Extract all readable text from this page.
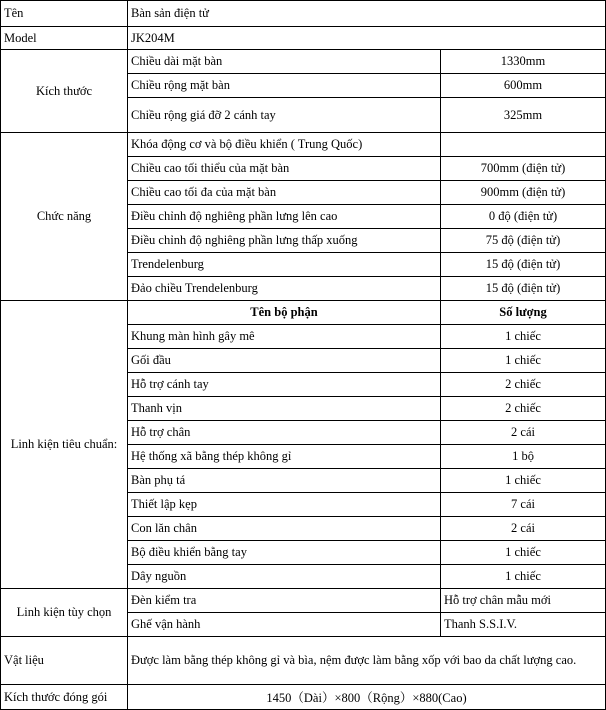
Tên	Bàn sản điện tử	
Model	JK204M	
Kích thước	Chiều dài mặt bàn	1330mm
	Chiều rộng mặt bàn	600mm
	Chiều rộng giá đỡ 2 cánh tay	325mm
Chức năng	Khóa động cơ và bộ điều khiển ( Trung Quốc)	
	Chiều cao tối thiểu của mặt bàn	700mm (điện tử)
	Chiều cao tối đa của mặt bàn	900mm (điện tử)
	Điều chỉnh độ nghiêng phần lưng lên cao	0 độ (điện tử)
	Điều chỉnh độ nghiêng phần lưng thấp xuống	75 độ (điện tử)
	Trendelenburg	15 độ (điện tử)
	Đảo chiều Trendelenburg	15 độ (điện tử)
Linh kiện tiêu chuẩn:	Tên bộ phận	Số lượng
	Khung màn hình gây mê	1 chiếc
	Gối đầu	1 chiếc
	Hỗ trợ cánh tay	2 chiếc
	Thanh vịn	2 chiếc
	Hỗ trợ chân	2 cái
	Hệ thống xã bằng thép không gỉ	1 bộ
	Bàn phụ tá	1 chiếc
	Thiết lập kẹp	7 cái
	Con lăn chân	2 cái
	Bộ điều khiển bằng tay	1 chiếc
	Dây nguồn	1 chiếc
Linh kiện tùy chọn	Đèn kiểm tra	Hỗ trợ chân mẫu mới
	Ghế vận hành	Thanh S.S.I.V.
Vật liệu	Được làm bằng thép không gỉ và bìa, nệm được làm bằng xốp với bao da chất lượng cao.	
Kích thước đóng gói	1450（Dài）×800（Rộng）×880(Cao)	
